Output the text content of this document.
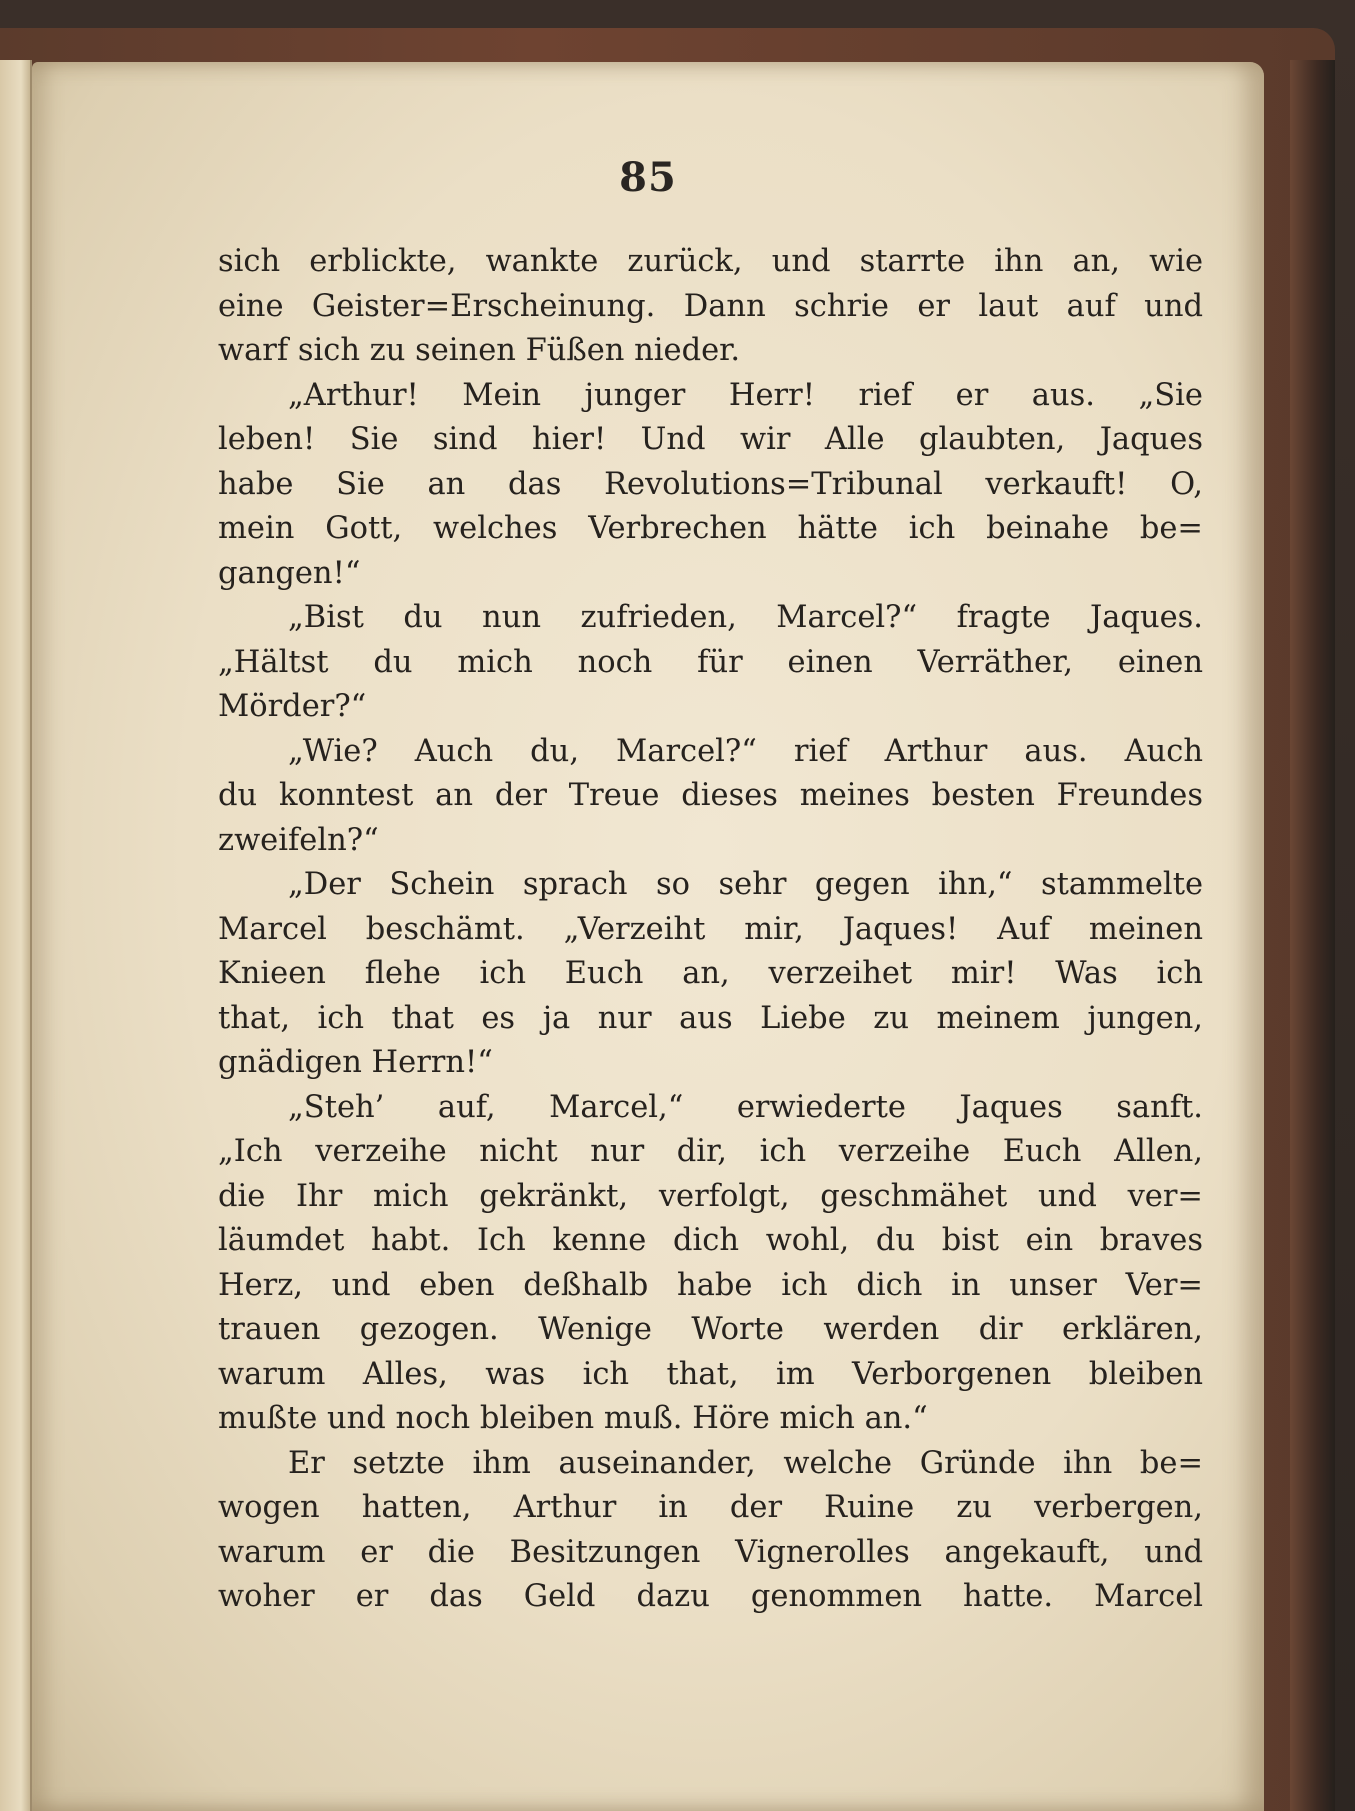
85
sich erblickte, wankte zurück, und starrte ihn an, wie
eine Geister=Erscheinung. Dann schrie er laut auf und
warf sich zu seinen Füßen nieder.
„Arthur! Mein junger Herr! rief er aus. „Sie
leben! Sie sind hier! Und wir Alle glaubten, Jaques
habe Sie an das Revolutions=Tribunal verkauft! O,
mein Gott, welches Verbrechen hätte ich beinahe be=
gangen!“
„Bist du nun zufrieden, Marcel?“ fragte Jaques.
„Hältst du mich noch für einen Verräther, einen
Mörder?“
„Wie? Auch du, Marcel?“ rief Arthur aus. Auch
du konntest an der Treue dieses meines besten Freundes
zweifeln?“
„Der Schein sprach so sehr gegen ihn,“ stammelte
Marcel beschämt. „Verzeiht mir, Jaques! Auf meinen
Knieen flehe ich Euch an, verzeihet mir! Was ich
that, ich that es ja nur aus Liebe zu meinem jungen,
gnädigen Herrn!“
„Steh’ auf, Marcel,“ erwiederte Jaques sanft.
„Ich verzeihe nicht nur dir, ich verzeihe Euch Allen,
die Ihr mich gekränkt, verfolgt, geschmähet und ver=
läumdet habt. Ich kenne dich wohl, du bist ein braves
Herz, und eben deßhalb habe ich dich in unser Ver=
trauen gezogen. Wenige Worte werden dir erklären,
warum Alles, was ich that, im Verborgenen bleiben
mußte und noch bleiben muß. Höre mich an.“
Er setzte ihm auseinander, welche Gründe ihn be=
wogen hatten, Arthur in der Ruine zu verbergen,
warum er die Besitzungen Vignerolles angekauft, und
woher er das Geld dazu genommen hatte. Marcel
